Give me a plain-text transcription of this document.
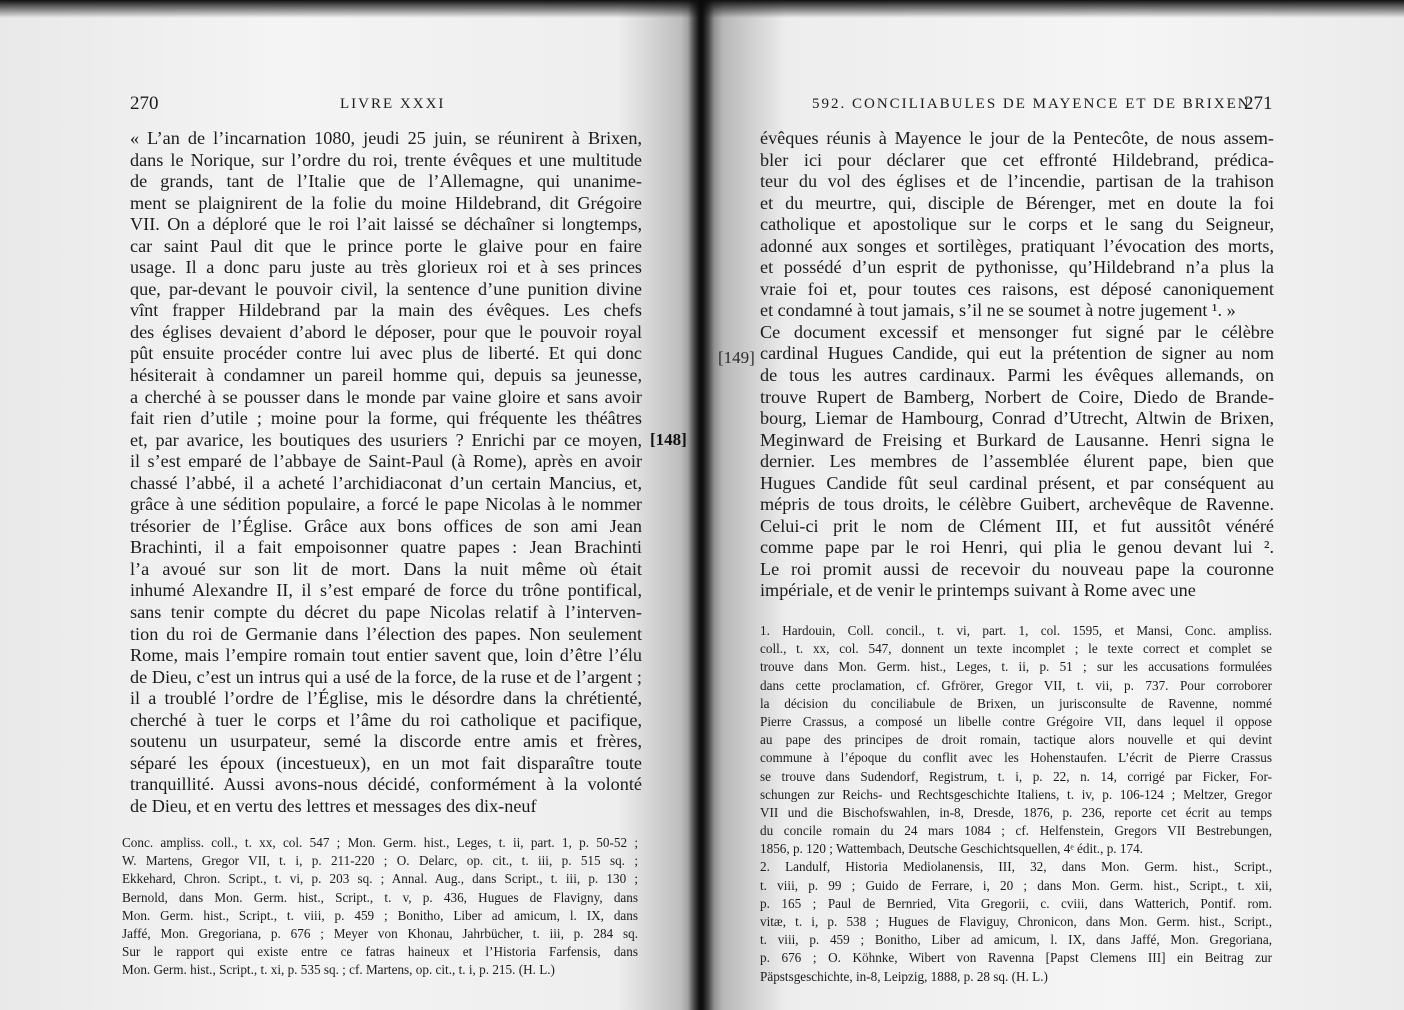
270	LIVRE XXXI
« L’an de l’incarnation 1080, jeudi 25 juin, se réunirent à Brixen,
dans le Norique, sur l’ordre du roi, trente évêques et une multitude
de grands, tant de l’Italie que de l’Allemagne, qui unanime-
ment se plaignirent de la folie du moine Hildebrand, dit Grégoire
VII. On a déploré que le roi l’ait laissé se déchaîner si longtemps,
car saint Paul dit que le prince porte le glaive pour en faire
usage. Il a donc paru juste au très glorieux roi et à ses princes
que, par-devant le pouvoir civil, la sentence d’une punition divine
vînt frapper Hildebrand par la main des évêques. Les chefs
des églises devaient d’abord le déposer, pour que le pouvoir royal
pût ensuite procéder contre lui avec plus de liberté. Et qui donc
hésiterait à condamner un pareil homme qui, depuis sa jeunesse,
a cherché à se pousser dans le monde par vaine gloire et sans avoir
fait rien d’utile ; moine pour la forme, qui fréquente les théâtres
et, par avarice, les boutiques des usuriers ? Enrichi par ce moyen,
il s’est emparé de l’abbaye de Saint-Paul (à Rome), après en avoir
chassé l’abbé, il a acheté l’archidiaconat d’un certain Mancius, et,
grâce à une sédition populaire, a forcé le pape Nicolas à le nommer
trésorier de l’Église. Grâce aux bons offices de son ami Jean
Brachinti, il a fait empoisonner quatre papes : Jean Brachinti
l’a avoué sur son lit de mort. Dans la nuit même où était
inhumé Alexandre II, il s’est emparé de force du trône pontifical,
sans tenir compte du décret du pape Nicolas relatif à l’interven-
tion du roi de Germanie dans l’élection des papes. Non seulement
Rome, mais l’empire romain tout entier savent que, loin d’être l’élu
de Dieu, c’est un intrus qui a usé de la force, de la ruse et de l’argent ;
il a troublé l’ordre de l’Église, mis le désordre dans la chrétienté,
cherché à tuer le corps et l’âme du roi catholique et pacifique,
soutenu un usurpateur, semé la discorde entre amis et frères,
séparé les époux (incestueux), en un mot fait disparaître toute
tranquillité. Aussi avons-nous décidé, conformément à la volonté
de Dieu, et en vertu des lettres et messages des dix-neuf
[148]
Conc. ampliss. coll., t. xx, col. 547 ; Mon. Germ. hist., Leges, t. ii, part. 1, p. 50-52 ;
W. Martens, Gregor VII, t. i, p. 211-220 ; O. Delarc, op. cit., t. iii, p. 515 sq. ;
Ekkehard, Chron. Script., t. vi, p. 203 sq. ; Annal. Aug., dans Script., t. iii, p. 130 ;
Bernold, dans Mon. Germ. hist., Script., t. v, p. 436, Hugues de Flavigny, dans
Mon. Germ. hist., Script., t. viii, p. 459 ; Bonitho, Liber ad amicum, l. IX, dans
Jaffé, Mon. Gregoriana, p. 676 ; Meyer von Khonau, Jahrbücher, t. iii, p. 284 sq.
Sur le rapport qui existe entre ce fatras haineux et l’Historia Farfensis, dans
Mon. Germ. hist., Script., t. xi, p. 535 sq. ; cf. Martens, op. cit., t. i, p. 215. (H. L.)
592. CONCILIABULES DE MAYENCE ET DE BRIXEN
271
évêques réunis à Mayence le jour de la Pentecôte, de nous assem-
bler ici pour déclarer que cet effronté Hildebrand, prédica-
teur du vol des églises et de l’incendie, partisan de la trahison
et du meurtre, qui, disciple de Bérenger, met en doute la foi
catholique et apostolique sur le corps et le sang du Seigneur,
adonné aux songes et sortilèges, pratiquant l’évocation des morts,
et possédé d’un esprit de pythonisse, qu’Hildebrand n’a plus la
vraie foi et, pour toutes ces raisons, est déposé canoniquement
et condamné à tout jamais, s’il ne se soumet à notre jugement ¹. »
Ce document excessif et mensonger fut signé par le célèbre
cardinal Hugues Candide, qui eut la prétention de signer au nom
de tous les autres cardinaux. Parmi les évêques allemands, on
trouve Rupert de Bamberg, Norbert de Coire, Diedo de Brande-
bourg, Liemar de Hambourg, Conrad d’Utrecht, Altwin de Brixen,
Meginward de Freising et Burkard de Lausanne. Henri signa le
dernier. Les membres de l’assemblée élurent pape, bien que
Hugues Candide fût seul cardinal présent, et par conséquent au
mépris de tous droits, le célèbre Guibert, archevêque de Ravenne.
Celui-ci prit le nom de Clément III, et fut aussitôt vénéré
comme pape par le roi Henri, qui plia le genou devant lui ².
Le roi promit aussi de recevoir du nouveau pape la couronne
impériale, et de venir le printemps suivant à Rome avec une
[149]
1. Hardouin, Coll. concil., t. vi, part. 1, col. 1595, et Mansi, Conc. ampliss.
coll., t. xx, col. 547, donnent un texte incomplet ; le texte correct et complet se
trouve dans Mon. Germ. hist., Leges, t. ii, p. 51 ; sur les accusations formulées
dans cette proclamation, cf. Gfrörer, Gregor VII, t. vii, p. 737. Pour corroborer
la décision du conciliabule de Brixen, un jurisconsulte de Ravenne, nommé
Pierre Crassus, a composé un libelle contre Grégoire VII, dans lequel il oppose
au pape des principes de droit romain, tactique alors nouvelle et qui devint
commune à l’époque du conflit avec les Hohenstaufen. L’écrit de Pierre Crassus
se trouve dans Sudendorf, Registrum, t. i, p. 22, n. 14, corrigé par Ficker, For-
schungen zur Reichs- und Rechtsgeschichte Italiens, t. iv, p. 106-124 ; Meltzer, Gregor
VII und die Bischofswahlen, in-8, Dresde, 1876, p. 236, reporte cet écrit au temps
du concile romain du 24 mars 1084 ; cf. Helfenstein, Gregors VII Bestrebungen,
1856, p. 120 ; Wattembach, Deutsche Geschichtsquellen, 4ᵉ édit., p. 174.
2. Landulf, Historia Mediolanensis, III, 32, dans Mon. Germ. hist., Script.,
t. viii, p. 99 ; Guido de Ferrare, i, 20 ; dans Mon. Germ. hist., Script., t. xii,
p. 165 ; Paul de Bernried, Vita Gregorii, c. cviii, dans Watterich, Pontif. rom.
vitæ, t. i, p. 538 ; Hugues de Flaviguy, Chronicon, dans Mon. Germ. hist., Script.,
t. viii, p. 459 ; Bonitho, Liber ad amicum, l. IX, dans Jaffé, Mon. Gregoriana,
p. 676 ; O. Köhnke, Wibert von Ravenna [Papst Clemens III] ein Beitrag zur
Päpstsgeschichte, in-8, Leipzig, 1888, p. 28 sq. (H. L.)
